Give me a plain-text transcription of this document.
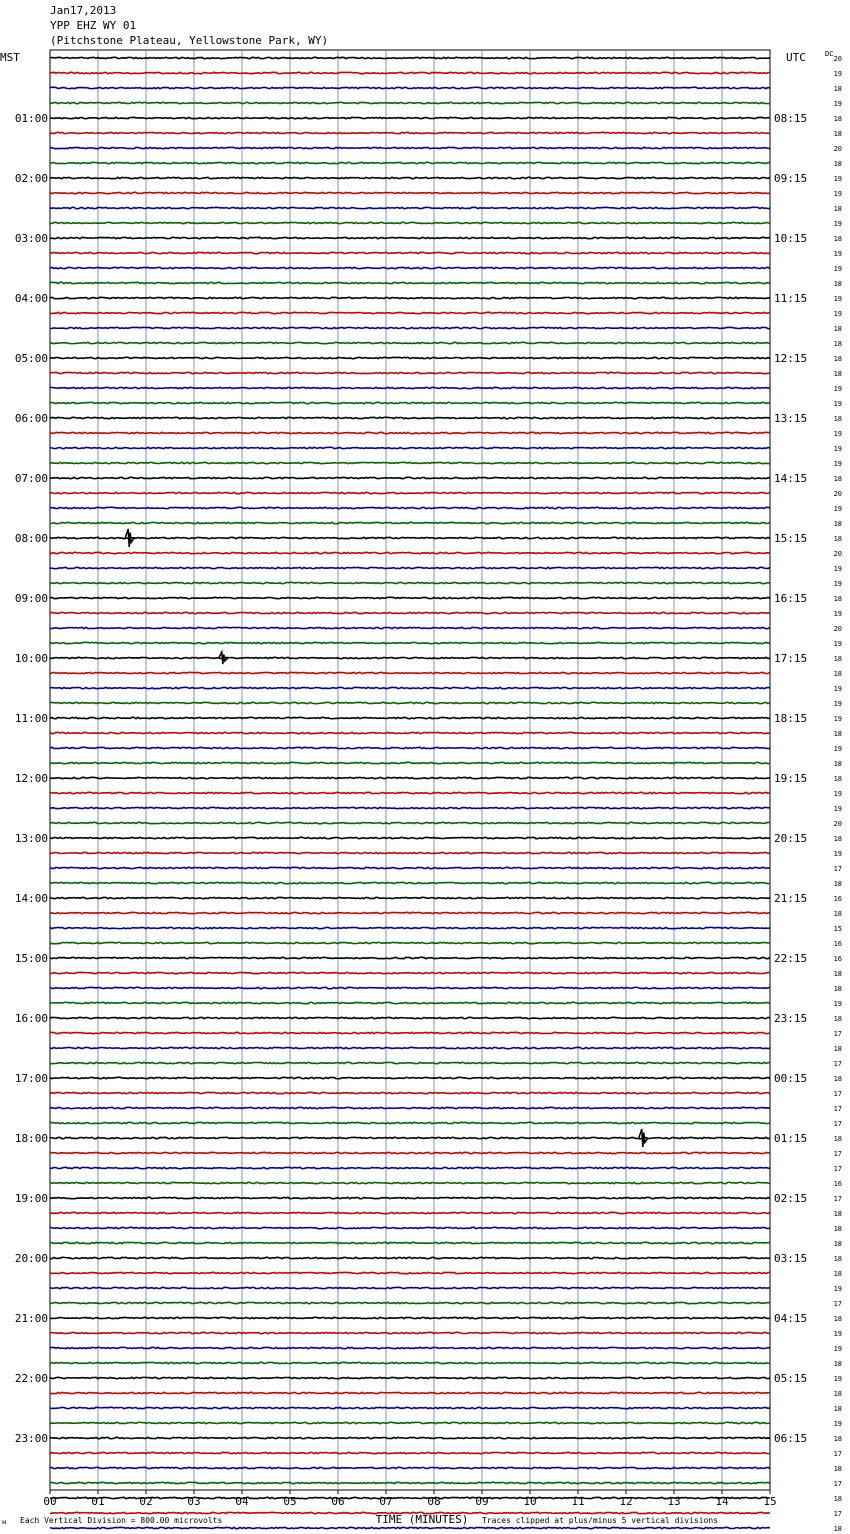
Jan17,2013
YPP EHZ WY 01
(Pitchstone Plateau, Yellowstone Park, WY)
20
19
18
19
18
18
20
18
19
19
18
19
18
19
19
18
19
19
18
18
18
18
19
19
18
19
19
19
18
20
19
18
18
20
19
19
18
19
20
19
18
18
19
19
19
18
19
18
18
19
19
20
18
19
17
18
16
18
15
16
16
18
18
19
18
17
18
17
18
17
17
17
18
17
17
16
17
18
18
18
18
18
19
17
18
19
19
18
19
18
18
19
18
17
18
17
18
17
18
01:00
02:00
03:00
04:00
05:00
06:00
07:00
08:00
09:00
10:00
11:00
12:00
13:00
14:00
15:00
16:00
17:00
18:00
19:00
20:00
21:00
22:00
23:00
08:15
09:15
10:15
11:15
12:15
13:15
14:15
15:15
16:15
17:15
18:15
19:15
20:15
21:15
22:15
23:15
00:15
01:15
02:15
03:15
04:15
05:15
06:15
MST	UTC	DC
00	01	02	03	04	05	06	07	08	09	10	11	12	13	14	15
ᴍ Each Vertical Division = 800.00 microvolts	TIME (MINUTES) Traces clipped at plus/minus 5 vertical divisions
